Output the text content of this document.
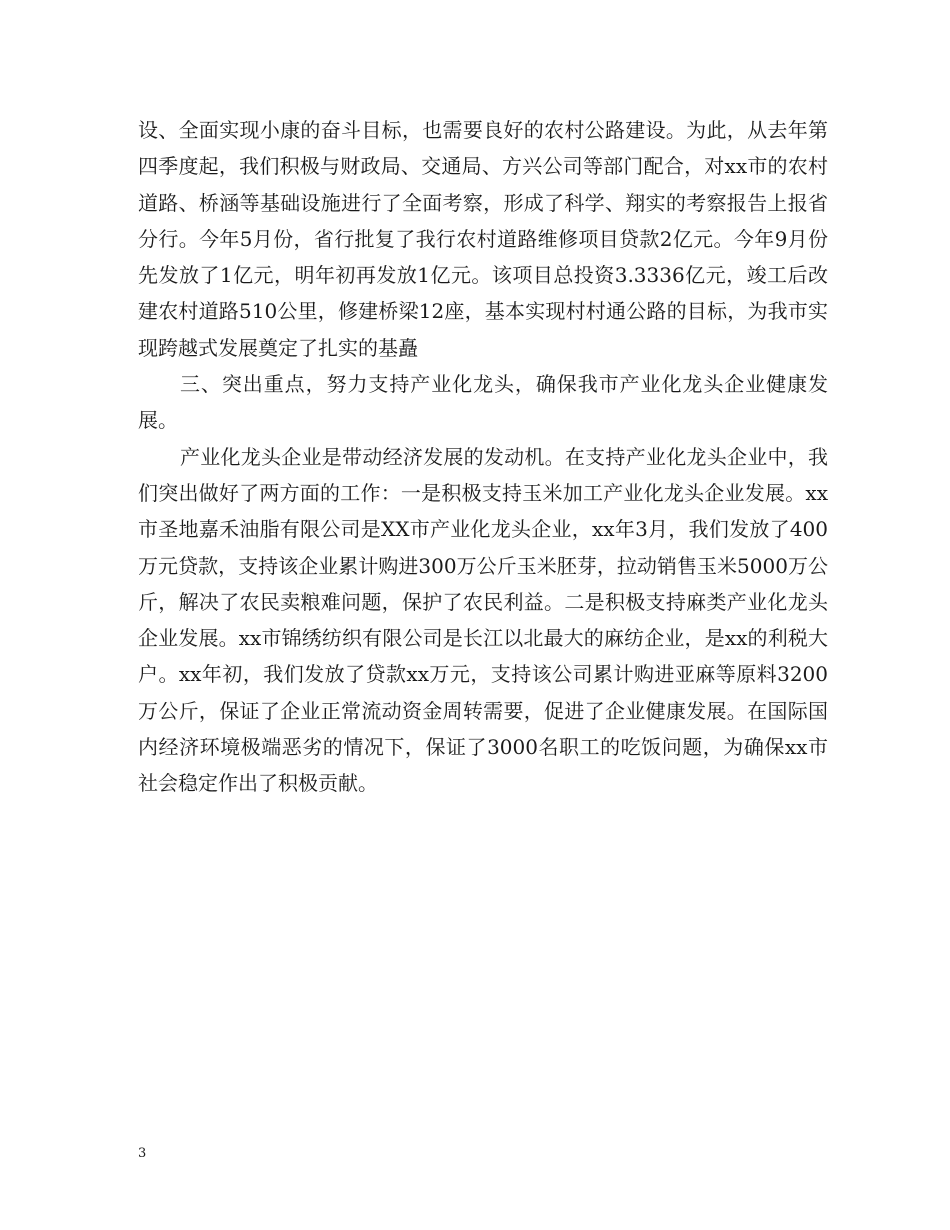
设、全面实现小康的奋斗目标，也需要良好的农村公路建设。为此，从去年第四季度起，我们积极与财政局、交通局、方兴公司等部门配合，对xx市的农村道路、桥涵等基础设施进行了全面考察，形成了科学、翔实的考察报告上报省分行。今年5月份，省行批复了我行农村道路维修项目贷款2亿元。今年9月份先发放了1亿元，明年初再发放1亿元。该项目总投资3.3336亿元，竣工后改建农村道路510公里，修建桥梁12座，基本实现村村通公路的目标，为我市实现跨越式发展奠定了扎实的基矗

三、突出重点，努力支持产业化龙头，确保我市产业化龙头企业健康发展。

产业化龙头企业是带动经济发展的发动机。在支持产业化龙头企业中，我们突出做好了两方面的工作：一是积极支持玉米加工产业化龙头企业发展。xx市圣地嘉禾油脂有限公司是XX市产业化龙头企业，xx年3月，我们发放了400万元贷款，支持该企业累计购进300万公斤玉米胚芽，拉动销售玉米5000万公斤，解决了农民卖粮难问题，保护了农民利益。二是积极支持麻类产业化龙头企业发展。xx市锦绣纺织有限公司是长江以北最大的麻纺企业，是xx的利税大户。xx年初，我们发放了贷款xx万元，支持该公司累计购进亚麻等原料3200万公斤，保证了企业正常流动资金周转需要，促进了企业健康发展。在国际国内经济环境极端恶劣的情况下，保证了3000名职工的吃饭问题，为确保xx市社会稳定作出了积极贡献。

3
